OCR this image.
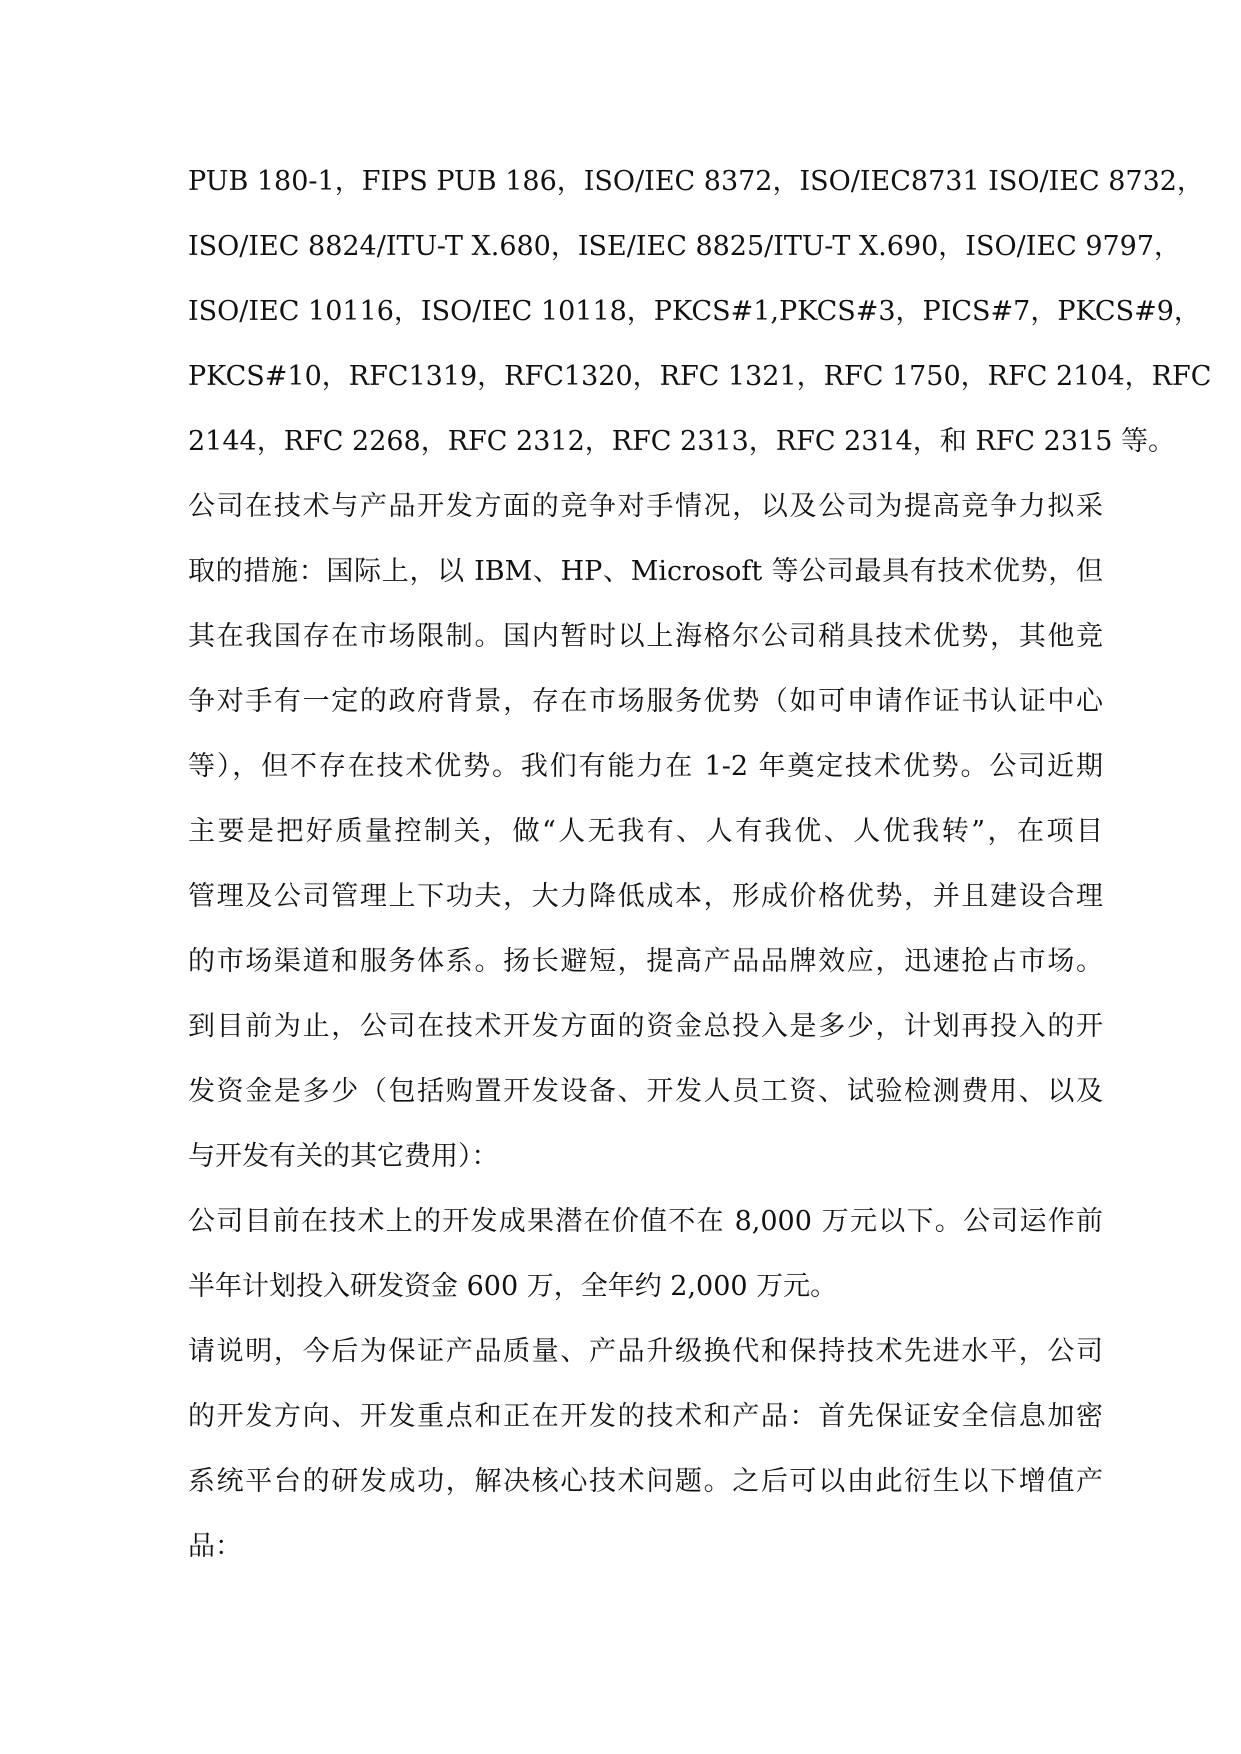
PUB 180-1，FIPS PUB 186，ISO/IEC 8372，ISO/IEC8731 ISO/IEC 8732，
ISO/IEC 8824/ITU-T X.680，ISE/IEC 8825/ITU-T X.690，ISO/IEC 9797，
ISO/IEC 10116，ISO/IEC 10118，PKCS#1,PKCS#3，PICS#7，PKCS#9，
PKCS#10，RFC1319，RFC1320，RFC 1321，RFC 1750，RFC 2104，RFC
2144，RFC 2268，RFC 2312，RFC 2313，RFC 2314，和 RFC 2315 等。
公司在技术与产品开发方面的竞争对手情况，以及公司为提高竞争力拟采
取的措施：国际上，以 IBM、HP、Microsoft 等公司最具有技术优势，但
其在我国存在市场限制。国内暂时以上海格尔公司稍具技术优势，其他竞
争对手有一定的政府背景，存在市场服务优势（如可申请作证书认证中心
等），但不存在技术优势。我们有能力在 1-2 年奠定技术优势。公司近期
主要是把好质量控制关，做“人无我有、人有我优、人优我转”，在项目
管理及公司管理上下功夫，大力降低成本，形成价格优势，并且建设合理
的市场渠道和服务体系。扬长避短，提高产品品牌效应，迅速抢占市场。
到目前为止，公司在技术开发方面的资金总投入是多少，计划再投入的开
发资金是多少（包括购置开发设备、开发人员工资、试验检测费用、以及
与开发有关的其它费用）：
公司目前在技术上的开发成果潜在价值不在 8,000 万元以下。公司运作前
半年计划投入研发资金 600 万，全年约 2,000 万元。
请说明，今后为保证产品质量、产品升级换代和保持技术先进水平，公司
的开发方向、开发重点和正在开发的技术和产品：首先保证安全信息加密
系统平台的研发成功，解决核心技术问题。之后可以由此衍生以下增值产
品：
